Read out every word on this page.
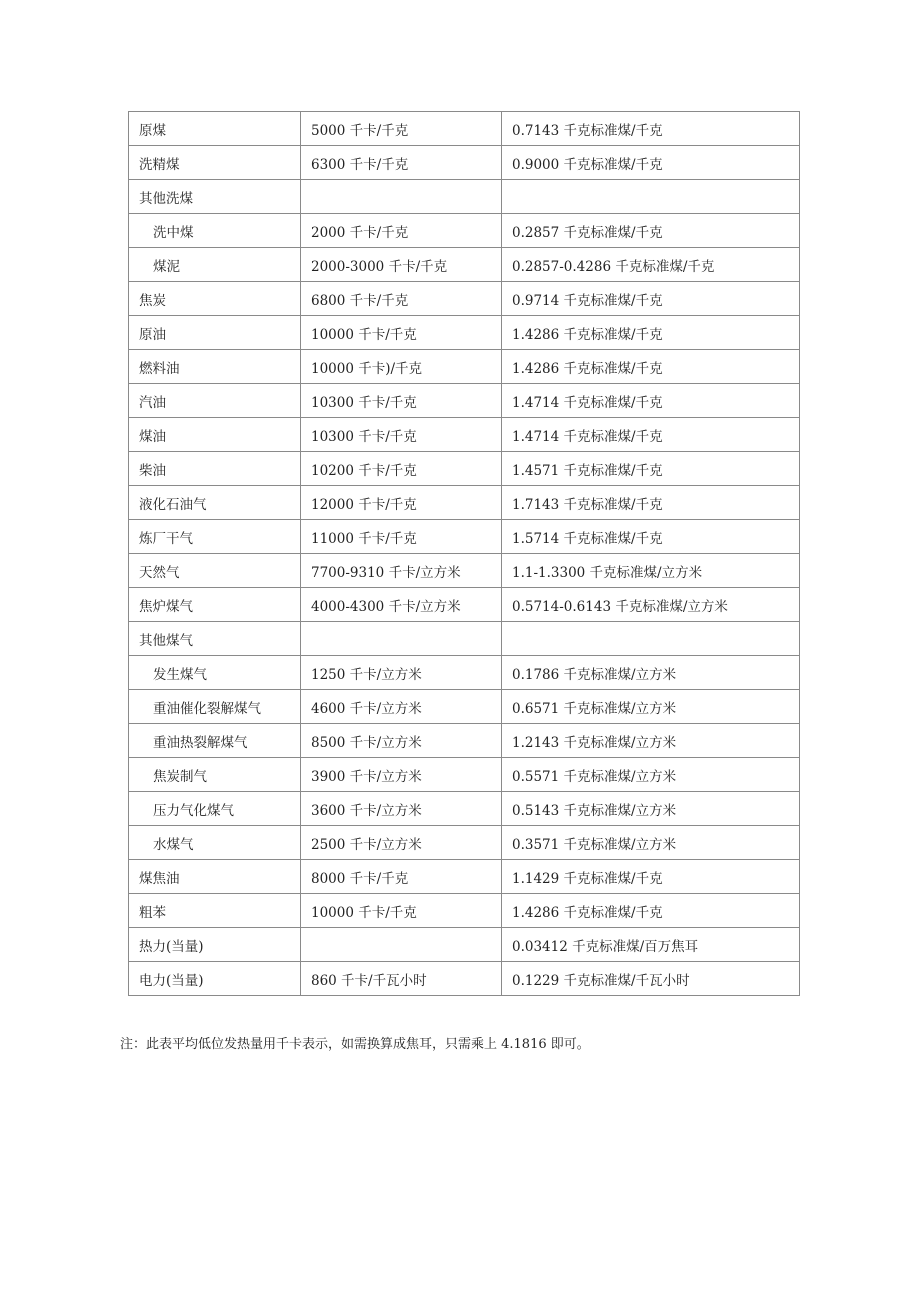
原煤	5000 千卡/千克	0.7143 千克标准煤/千克
洗精煤	6300 千卡/千克	0.9000 千克标准煤/千克
其他洗煤		
洗中煤	2000 千卡/千克	0.2857 千克标准煤/千克
煤泥	2000-3000 千卡/千克	0.2857-0.4286 千克标准煤/千克
焦炭	6800 千卡/千克	0.9714 千克标准煤/千克
原油	10000 千卡/千克	1.4286 千克标准煤/千克
燃料油	10000 千卡)/千克	1.4286 千克标准煤/千克
汽油	10300 千卡/千克	1.4714 千克标准煤/千克
煤油	10300 千卡/千克	1.4714 千克标准煤/千克
柴油	10200 千卡/千克	1.4571 千克标准煤/千克
液化石油气	12000 千卡/千克	1.7143 千克标准煤/千克
炼厂干气	11000 千卡/千克	1.5714 千克标准煤/千克
天然气	7700-9310 千卡/立方米	1.1-1.3300 千克标准煤/立方米
焦炉煤气	4000-4300 千卡/立方米	0.5714-0.6143 千克标准煤/立方米
其他煤气		
发生煤气	1250 千卡/立方米	0.1786 千克标准煤/立方米
重油催化裂解煤气	4600 千卡/立方米	0.6571 千克标准煤/立方米
重油热裂解煤气	8500 千卡/立方米	1.2143 千克标准煤/立方米
焦炭制气	3900 千卡/立方米	0.5571 千克标准煤/立方米
压力气化煤气	3600 千卡/立方米	0.5143 千克标准煤/立方米
水煤气	2500 千卡/立方米	0.3571 千克标准煤/立方米
煤焦油	8000 千卡/千克	1.1429 千克标准煤/千克
粗苯	10000 千卡/千克	1.4286 千克标准煤/千克
热力(当量)		0.03412 千克标准煤/百万焦耳
电力(当量)	860 千卡/千瓦小时	0.1229 千克标准煤/千瓦小时
注：此表平均低位发热量用千卡表示，如需换算成焦耳，只需乘上 4.1816 即可。
